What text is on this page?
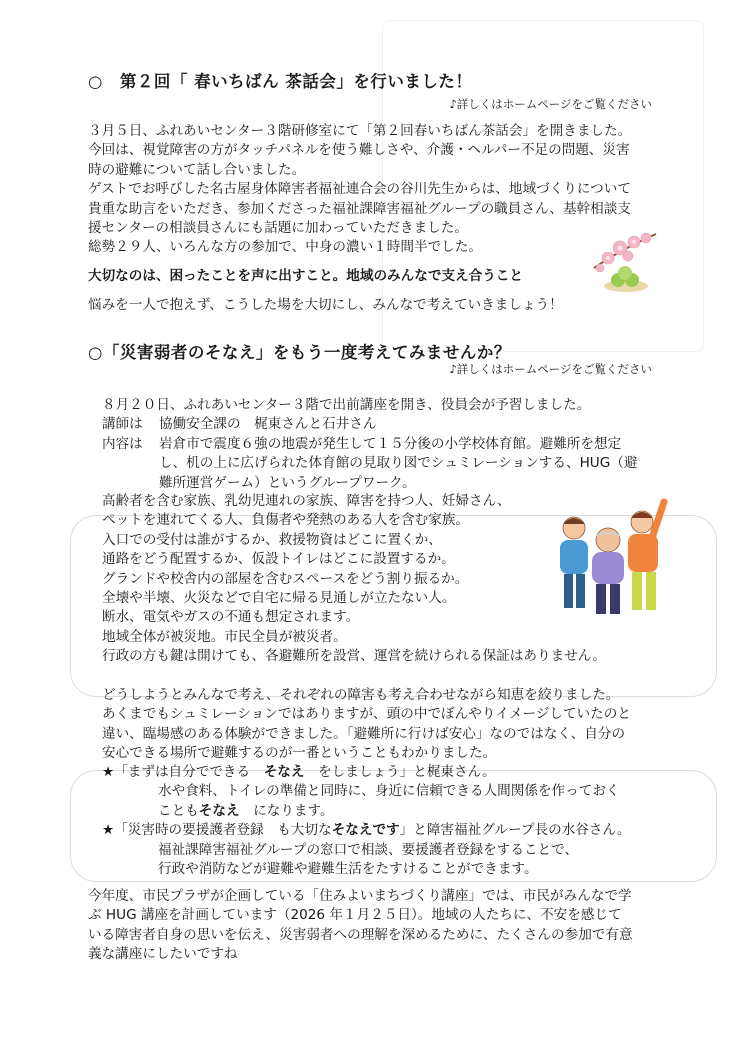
○　第２回「 春いちばん 茶話会」を行いました！
♪詳しくはホームページをご覧ください
３月５日、ふれあいセンター３階研修室にて「第２回春いちばん茶話会」を開きました。
今回は、視覚障害の方がタッチパネルを使う難しさや、介護・ヘルパー不足の問題、災害
時の避難について話し合いました。
ゲストでお呼びした名古屋身体障害者福祉連合会の谷川先生からは、地域づくりについて
貴重な助言をいただき、参加くださった福祉課障害福祉グループの職員さん、基幹相談支
援センターの相談員さんにも話題に加わっていただきました。
総勢２９人、いろんな方の参加で、中身の濃い１時間半でした。
大切なのは、困ったことを声に出すこと。地域のみんなで支え合うこと
悩みを一人で抱えず、こうした場を大切にし、みんなで考えていきましょう！
○「災害弱者のそなえ」をもう一度考えてみませんか？
♪詳しくはホームページをご覧ください
８月２０日、ふれあいセンター３階で出前講座を開き、役員会が予習しました。
講師は	協働安全課の　梶東さんと石井さん
内容は	岩倉市で震度６強の地震が発生して１５分後の小学校体育館。避難所を想定
し、机の上に広げられた体育館の見取り図でシュミレーションする、HUG（避
難所運営ゲーム）というグループワーク。
高齢者を含む家族、乳幼児連れの家族、障害を持つ人、妊婦さん、
ペットを連れてくる人、負傷者や発熱のある人を含む家族。
入口での受付は誰がするか、救援物資はどこに置くか、
通路をどう配置するか、仮設トイレはどこに設置するか。
グランドや校舎内の部屋を含むスペースをどう割り振るか。
全壊や半壊、火災などで自宅に帰る見通しが立たない人。
断水、電気やガスの不通も想定されます。
地域全体が被災地。市民全員が被災者。
行政の方も鍵は開けても、各避難所を設営、運営を続けられる保証はありません。
どうしようとみんなで考え、それぞれの障害も考え合わせながら知恵を絞りました。
あくまでもシュミレーションではありますが、頭の中でぼんやりイメージしていたのと
違い、臨場感のある体験ができました。「避難所に行けば安心」なのではなく、自分の
安心できる場所で避難するのが一番ということもわかりました。
★「まずは自分でできる　そなえ　をしましょう」と梶東さん。
水や食料、トイレの準備と同時に、身近に信頼できる人間関係を作っておく
こともそなえ　になります。
★「災害時の要援護者登録　も大切なそなえです」と障害福祉グループ長の水谷さん。
福祉課障害福祉グループの窓口で相談、要援護者登録をすることで、
行政や消防などが避難や避難生活をたすけることができます。
今年度、市民プラザが企画している「住みよいまちづくり講座」では、市民がみんなで学
ぶ HUG 講座を計画しています（2026 年１月２５日）。地域の人たちに、不安を感じて
いる障害者自身の思いを伝え、災害弱者への理解を深めるために、たくさんの参加で有意
義な講座にしたいですね
